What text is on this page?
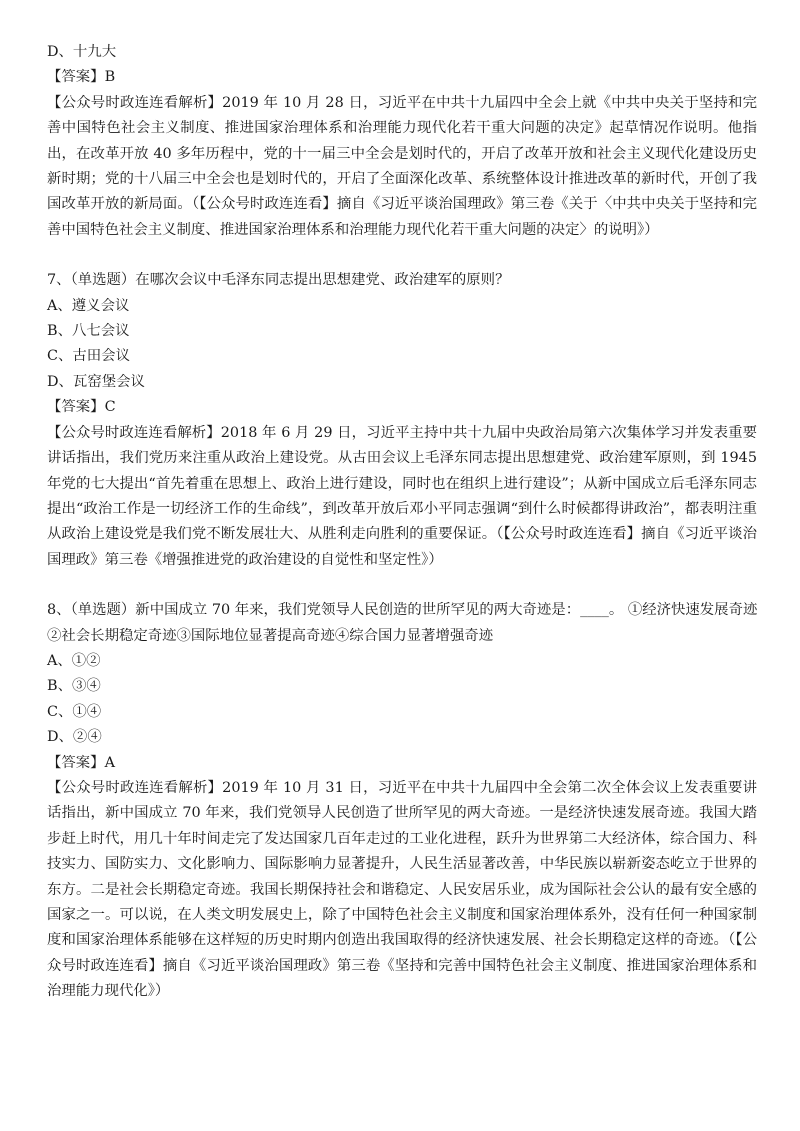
D、十九大

【答案】B

【公众号时政连连看解析】2019 年 10 月 28 日，习近平在中共十九届四中全会上就《中共中央关于坚持和完善中国特色社会主义制度、推进国家治理体系和治理能力现代化若干重大问题的决定》起草情况作说明。他指出，在改革开放 40 多年历程中，党的十一届三中全会是划时代的，开启了改革开放和社会主义现代化建设历史新时期；党的十八届三中全会也是划时代的，开启了全面深化改革、系统整体设计推进改革的新时代，开创了我国改革开放的新局面。（【公众号时政连连看】摘自《习近平谈治国理政》第三卷《关于〈中共中央关于坚持和完善中国特色社会主义制度、推进国家治理体系和治理能力现代化若干重大问题的决定〉的说明》）

7、（单选题）在哪次会议中毛泽东同志提出思想建党、政治建军的原则？

A、遵义会议

B、八七会议

C、古田会议

D、瓦窑堡会议

【答案】C

【公众号时政连连看解析】2018 年 6 月 29 日，习近平主持中共十九届中央政治局第六次集体学习并发表重要讲话指出，我们党历来注重从政治上建设党。从古田会议上毛泽东同志提出思想建党、政治建军原则，到 1945 年党的七大提出“首先着重在思想上、政治上进行建设，同时也在组织上进行建设”；从新中国成立后毛泽东同志提出“政治工作是一切经济工作的生命线”，到改革开放后邓小平同志强调“到什么时候都得讲政治”，都表明注重从政治上建设党是我们党不断发展壮大、从胜利走向胜利的重要保证。（【公众号时政连连看】摘自《习近平谈治国理政》第三卷《增强推进党的政治建设的自觉性和坚定性》）

8、（单选题）新中国成立 70 年来，我们党领导人民创造的世所罕见的两大奇迹是：____。 ①经济快速发展奇迹

②社会长期稳定奇迹③国际地位显著提高奇迹④综合国力显著增强奇迹

A、①②

B、③④

C、①④

D、②④

【答案】A

【公众号时政连连看解析】2019 年 10 月 31 日，习近平在中共十九届四中全会第二次全体会议上发表重要讲话指出，新中国成立 70 年来，我们党领导人民创造了世所罕见的两大奇迹。一是经济快速发展奇迹。我国大踏步赶上时代，用几十年时间走完了发达国家几百年走过的工业化进程，跃升为世界第二大经济体，综合国力、科技实力、国防实力、文化影响力、国际影响力显著提升，人民生活显著改善，中华民族以崭新姿态屹立于世界的东方。二是社会长期稳定奇迹。我国长期保持社会和谐稳定、人民安居乐业，成为国际社会公认的最有安全感的国家之一。可以说，在人类文明发展史上，除了中国特色社会主义制度和国家治理体系外，没有任何一种国家制度和国家治理体系能够在这样短的历史时期内创造出我国取得的经济快速发展、社会长期稳定这样的奇迹。（【公众号时政连连看】摘自《习近平谈治国理政》第三卷《坚持和完善中国特色社会主义制度、推进国家治理体系和治理能力现代化》）
